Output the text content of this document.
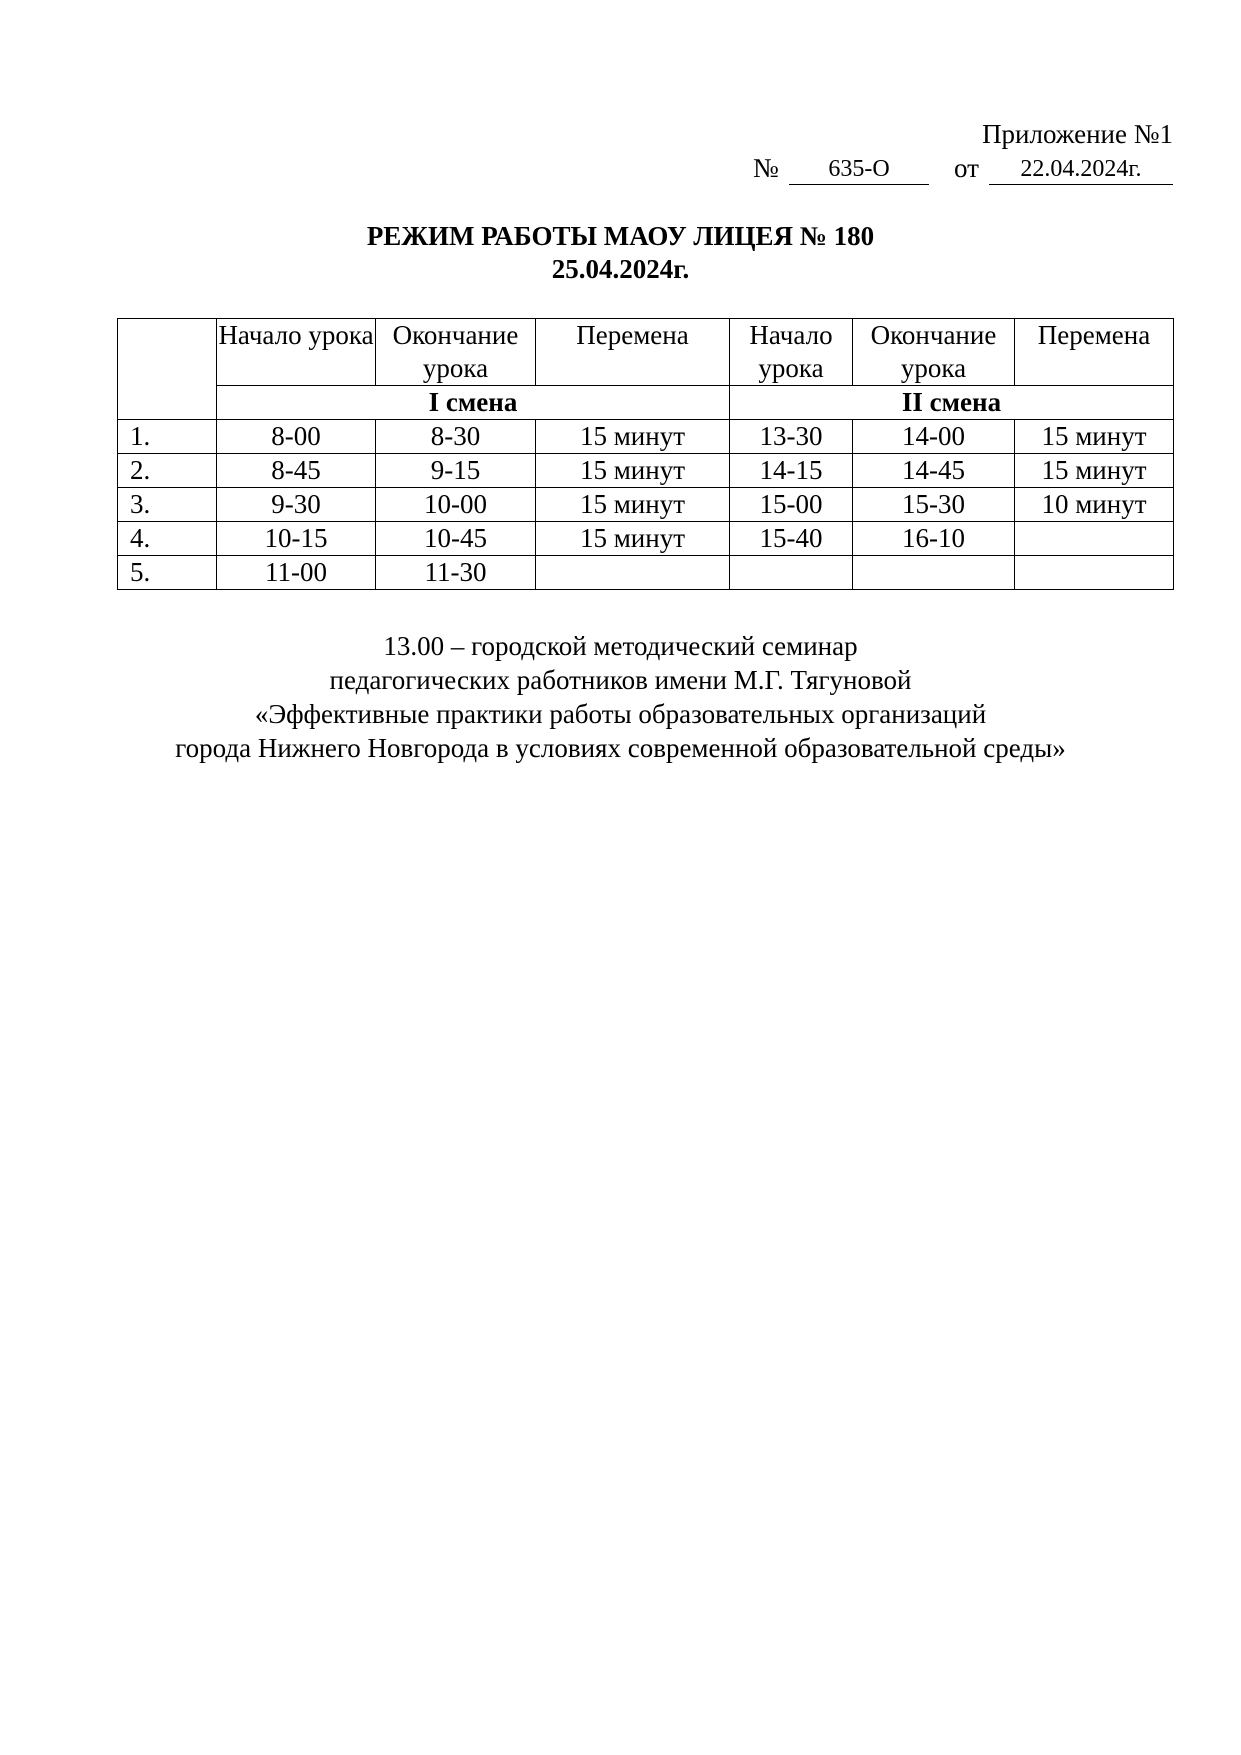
Приложение №1
№	635-О	от	22.04.2024г.
РЕЖИМ РАБОТЫ МАОУ ЛИЦЕЯ № 180
25.04.2024г.
	Начало урока	Окончание урока	Перемена	Начало урока	Окончание урока	Перемена
	I смена			II смена		
1.	8-00	8-30	15 минут	13-30	14-00	15 минут
2.	8-45	9-15	15 минут	14-15	14-45	15 минут
3.	9-30	10-00	15 минут	15-00	15-30	10 минут
4.	10-15	10-45	15 минут	15-40	16-10	
5.	11-00	11-30				
13.00 – городской методический семинар
педагогических работников имени М.Г. Тягуновой
«Эффективные практики работы образовательных организаций
города Нижнего Новгорода в условиях современной образовательной среды»
